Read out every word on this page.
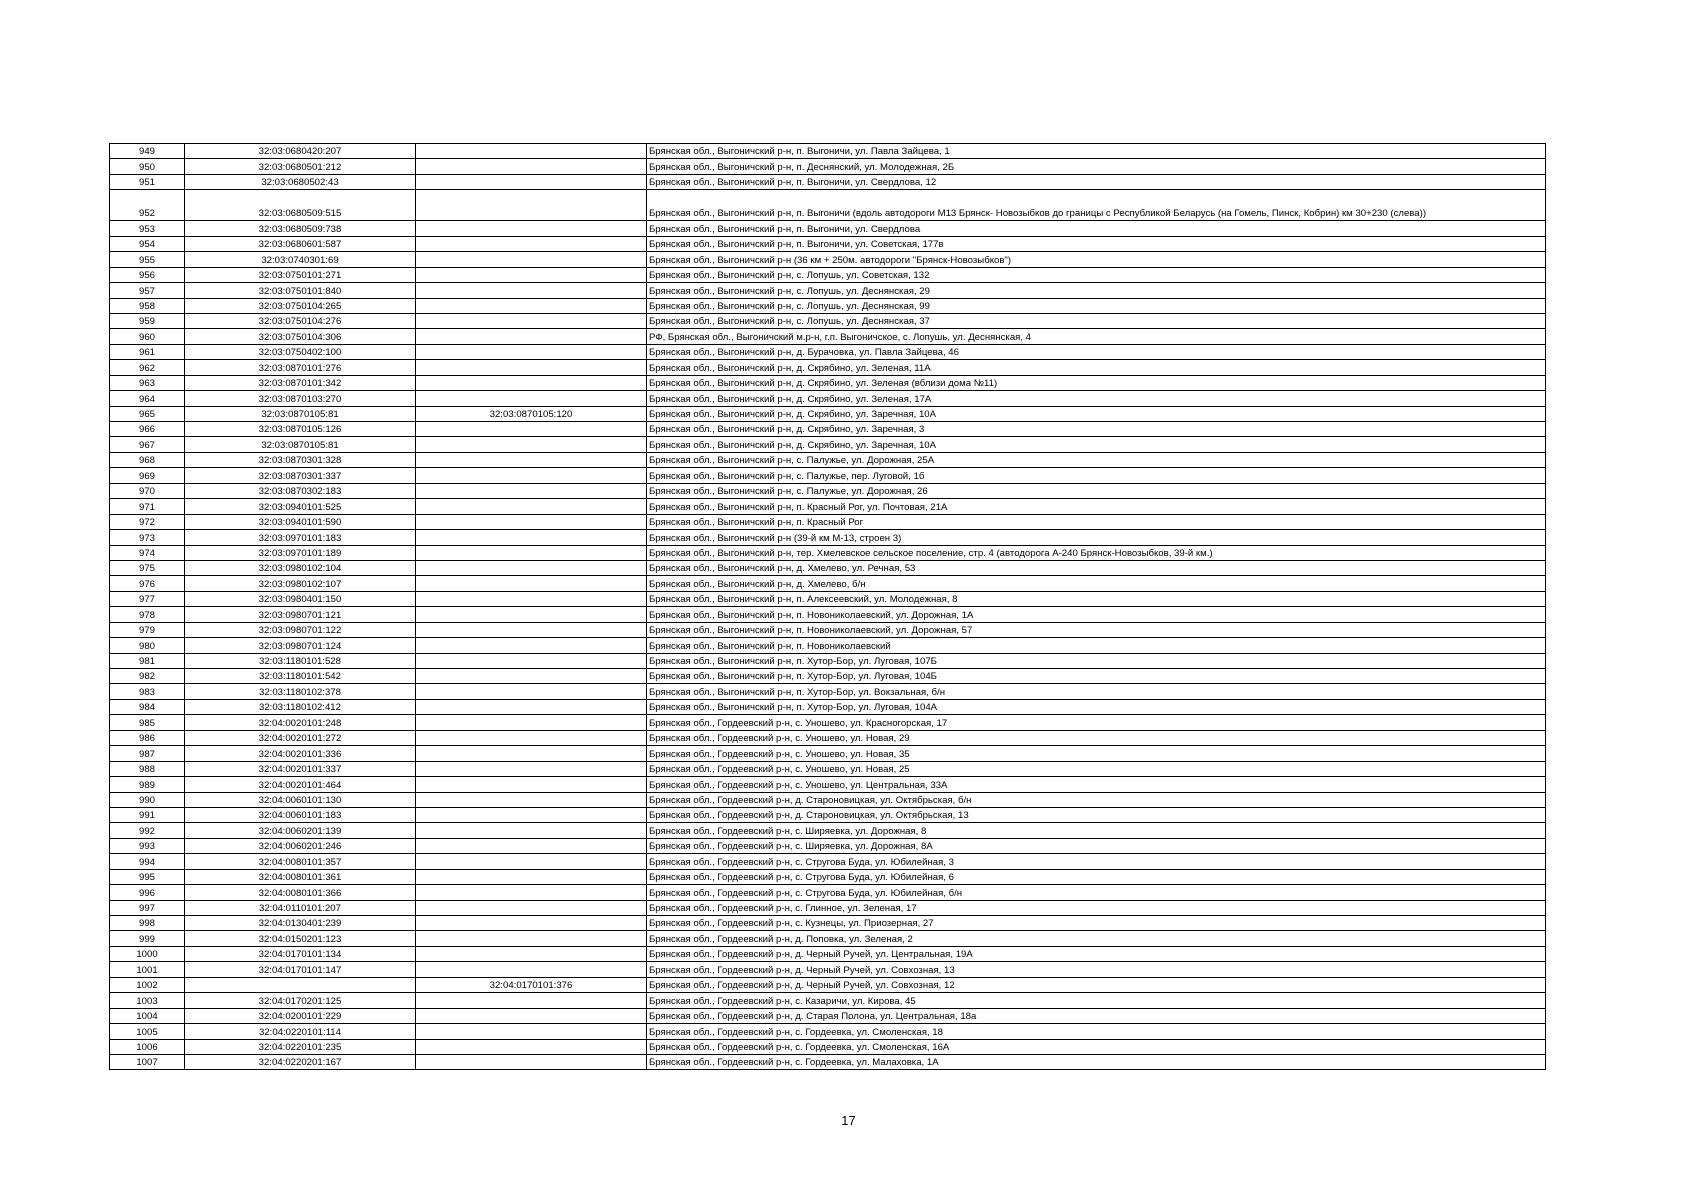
949	32:03:0680420:207		Брянская обл., Выгоничский р-н, п. Выгоничи, ул. Павла Зайцева, 1
950	32:03:0680501:212		Брянская обл., Выгоничский р-н, п. Деснянский, ул. Молодежная, 2Б
951	32:03:0680502:43		Брянская обл., Выгоничский р-н, п. Выгоничи, ул. Свердлова, 12
952	32:03:0680509:515		Брянская обл., Выгоничский р-н, п. Выгоничи (вдоль автодороги М13 Брянск- Новозыбков до границы с Республикой Беларусь (на Гомель, Пинск, Кобрин) км 30+230 (слева))
953	32:03:0680509:738		Брянская обл., Выгоничский р-н, п. Выгоничи, ул. Свердлова
954	32:03:0680601:587		Брянская обл., Выгоничский р-н, п. Выгоничи, ул. Советская, 177в
955	32:03:0740301:69		Брянская обл., Выгоничский р-н (36 км + 250м. автодороги "Брянск-Новозыбков")
956	32:03:0750101:271		Брянская обл., Выгоничский р-н, с. Лопушь, ул. Советская, 132
957	32:03:0750101:840		Брянская обл., Выгоничский р-н, с. Лопушь, ул. Деснянская, 29
958	32:03:0750104:265		Брянская обл., Выгоничский р-н, с. Лопушь, ул. Деснянская, 99
959	32:03:0750104:276		Брянская обл., Выгоничский р-н, с. Лопушь, ул. Деснянская, 37
960	32:03:0750104:306		РФ, Брянская обл., Выгоничский м.р-н, г.п. Выгоничское, с. Лопушь, ул. Деснянская, 4
961	32:03:0750402:100		Брянская обл., Выгоничский р-н, д. Бурачовка, ул. Павла Зайцева, 46
962	32:03:0870101:276		Брянская обл., Выгоничский р-н, д. Скрябино, ул. Зеленая, 11А
963	32:03:0870101:342		Брянская обл., Выгоничский р-н, д. Скрябино, ул. Зеленая (вблизи дома №11)
964	32:03:0870103:270		Брянская обл., Выгоничский р-н, д. Скрябино, ул. Зеленая, 17А
965	32:03:0870105:81	32:03:0870105:120	Брянская обл., Выгоничский р-н, д. Скрябино, ул. Заречная, 10А
966	32:03:0870105:126		Брянская обл., Выгоничский р-н, д. Скрябино, ул. Заречная, 3
967	32:03:0870105:81		Брянская обл., Выгоничский р-н, д. Скрябино, ул. Заречная, 10А
968	32:03:0870301:328		Брянская обл., Выгоничский р-н, с. Палужье, ул. Дорожная, 25А
969	32:03:0870301:337		Брянская обл., Выгоничский р-н, с. Палужье, пер. Луговой, 1б
970	32:03:0870302:183		Брянская обл., Выгоничский р-н, с. Палужье, ул. Дорожная, 26
971	32:03:0940101:525		Брянская обл., Выгоничский р-н, п. Красный Рог, ул. Почтовая, 21А
972	32:03:0940101:590		Брянская обл., Выгоничский р-н, п. Красный Рог
973	32:03:0970101:183		Брянская обл., Выгоничский р-н (39-й км М-13, строен 3)
974	32:03:0970101:189		Брянская обл., Выгоничский р-н, тер. Хмелевское сельское поселение, стр. 4 (автодорога А-240 Брянск-Новозыбков, 39-й км.)
975	32:03:0980102:104		Брянская обл., Выгоничский р-н, д. Хмелево, ул. Речная, 53
976	32:03:0980102:107		Брянская обл., Выгоничский р-н, д. Хмелево, б/н
977	32:03:0980401:150		Брянская обл., Выгоничский р-н, п. Алексеевский, ул. Молодежная, 8
978	32:03:0980701:121		Брянская обл., Выгоничский р-н, п. Новониколаевский, ул. Дорожная, 1А
979	32:03:0980701:122		Брянская обл., Выгоничский р-н, п. Новониколаевский, ул. Дорожная, 57
980	32:03:0980701:124		Брянская обл., Выгоничский р-н, п. Новониколаевский
981	32:03:1180101:528		Брянская обл., Выгоничский р-н, п. Хутор-Бор, ул. Луговая, 107Б
982	32:03:1180101:542		Брянская обл., Выгоничский р-н, п. Хутор-Бор, ул. Луговая, 104Б
983	32:03:1180102:378		Брянская обл., Выгоничский р-н, п. Хутор-Бор, ул. Вокзальная, б/н
984	32:03:1180102:412		Брянская обл., Выгоничский р-н, п. Хутор-Бор, ул. Луговая, 104А
985	32:04:0020101:248		Брянская обл., Гордеевский р-н, с. Уношево, ул. Красногорская, 17
986	32:04:0020101:272		Брянская обл., Гордеевский р-н, с. Уношево, ул. Новая, 29
987	32:04:0020101:336		Брянская обл., Гордеевский р-н, с. Уношево, ул. Новая, 35
988	32:04:0020101:337		Брянская обл., Гордеевский р-н, с. Уношево, ул. Новая, 25
989	32:04:0020101:464		Брянская обл., Гордеевский р-н, с. Уношево, ул. Центральная, 33А
990	32:04:0060101:130		Брянская обл., Гордеевский р-н, д. Староновицкая, ул. Октябрьская, б/н
991	32:04:0060101:183		Брянская обл., Гордеевский р-н, д. Староновицкая, ул. Октябрьская, 13
992	32:04:0060201:139		Брянская обл., Гордеевский р-н, с. Ширяевка, ул. Дорожная, 8
993	32:04:0060201:246		Брянская обл., Гордеевский р-н, с. Ширяевка, ул. Дорожная, 8А
994	32:04:0080101:357		Брянская обл., Гордеевский р-н, с. Стругова Буда, ул. Юбилейная, 3
995	32:04:0080101:361		Брянская обл., Гордеевский р-н, с. Стругова Буда, ул. Юбилейная, 6
996	32:04:0080101:366		Брянская обл., Гордеевский р-н, с. Стругова Буда, ул. Юбилейная, б/н
997	32:04:0110101:207		Брянская обл., Гордеевский р-н, с. Глинное, ул. Зеленая, 17
998	32:04:0130401:239		Брянская обл., Гордеевский р-н, с. Кузнецы, ул. Приозерная, 27
999	32:04:0150201:123		Брянская обл., Гордеевский р-н, д. Поповка, ул. Зеленая, 2
1000	32:04:0170101:134		Брянская обл., Гордеевский р-н, д. Черный Ручей, ул. Центральная, 19А
1001	32:04:0170101:147		Брянская обл., Гордеевский р-н, д. Черный Ручей, ул. Совхозная, 13
1002		32:04:0170101:376	Брянская обл., Гордеевский р-н, д. Черный Ручей, ул. Совхозная, 12
1003	32:04:0170201:125		Брянская обл., Гордеевский р-н, с. Казаричи, ул. Кирова, 45
1004	32:04:0200101:229		Брянская обл., Гордеевский р-н, д. Старая Полона, ул. Центральная, 18а
1005	32:04:0220101:114		Брянская обл., Гордеевский р-н, с. Гордеевка, ул. Смоленская, 18
1006	32:04:0220101:235		Брянская обл., Гордеевский р-н, с. Гордеевка, ул. Смоленская, 16А
1007	32:04:0220201:167		Брянская обл., Гордеевский р-н, с. Гордеевка, ул. Малаховка, 1А
17
